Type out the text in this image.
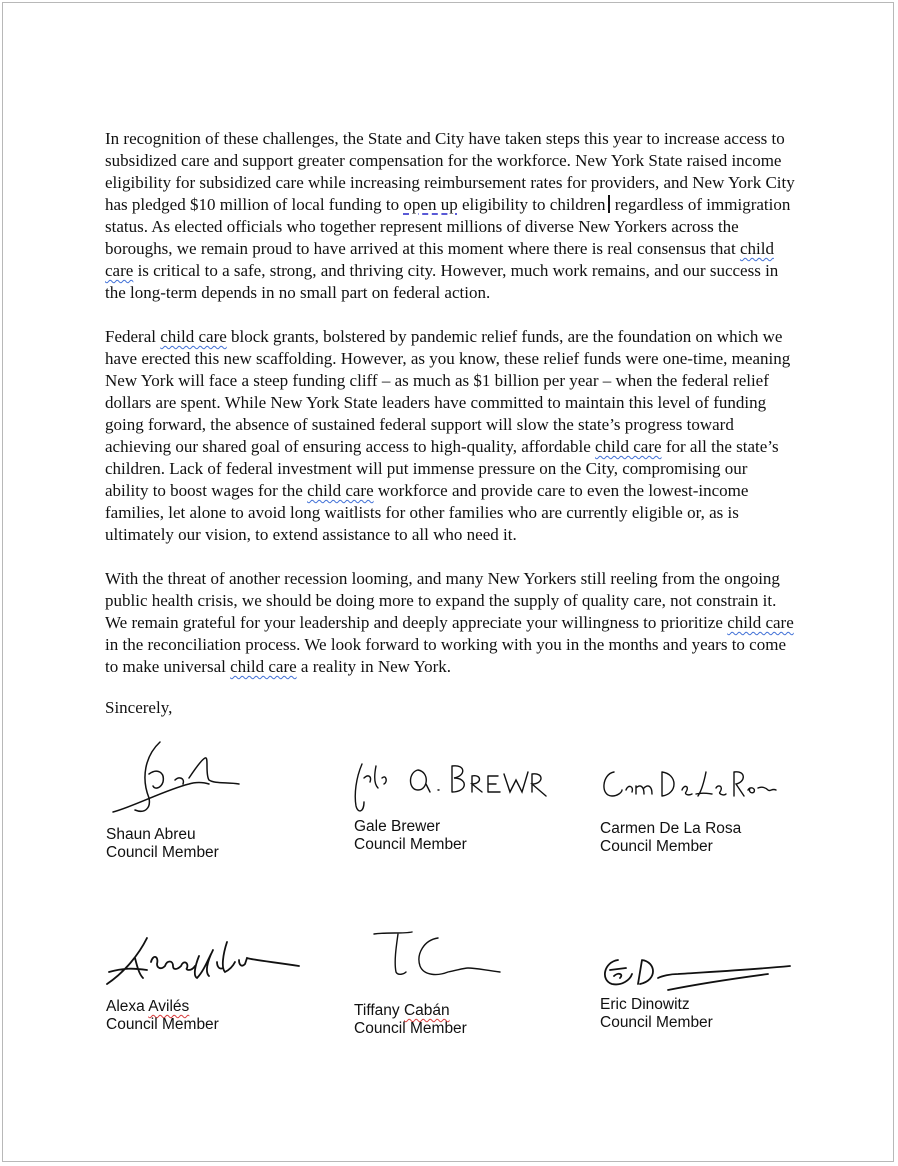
In recognition of these challenges, the State and City have taken steps this year to increase access to subsidized care and support greater compensation for the workforce. New York State raised income eligibility for subsidized care while increasing reimbursement rates for providers, and New York City has pledged $10 million of local funding to open up eligibility to children regardless of immigration status. As elected officials who together represent millions of diverse New Yorkers across the boroughs, we remain proud to have arrived at this moment where there is real consensus that child care is critical to a safe, strong, and thriving city. However, much work remains, and our success in the long-term depends in no small part on federal action.

Federal child care block grants, bolstered by pandemic relief funds, are the foundation on which we have erected this new scaffolding. However, as you know, these relief funds were one-time, meaning New York will face a steep funding cliff – as much as $1 billion per year – when the federal relief dollars are spent. While New York State leaders have committed to maintain this level of funding going forward, the absence of sustained federal support will slow the state’s progress toward achieving our shared goal of ensuring access to high-quality, affordable child care for all the state’s children. Lack of federal investment will put immense pressure on the City, compromising our ability to boost wages for the child care workforce and provide care to even the lowest-income families, let alone to avoid long waitlists for other families who are currently eligible or, as is ultimately our vision, to extend assistance to all who need it.

With the threat of another recession looming, and many New Yorkers still reeling from the ongoing public health crisis, we should be doing more to expand the supply of quality care, not constrain it. We remain grateful for your leadership and deeply appreciate your willingness to prioritize child care in the reconciliation process. We look forward to working with you in the months and years to come to make universal child care a reality in New York.

Sincerely,
Shaun Abreu
Council Member
Gale Brewer
Council Member
Carmen De La Rosa
Council Member
Alexa Avilés
Council Member
Tiffany Cabán
Council Member
Eric Dinowitz
Council Member
